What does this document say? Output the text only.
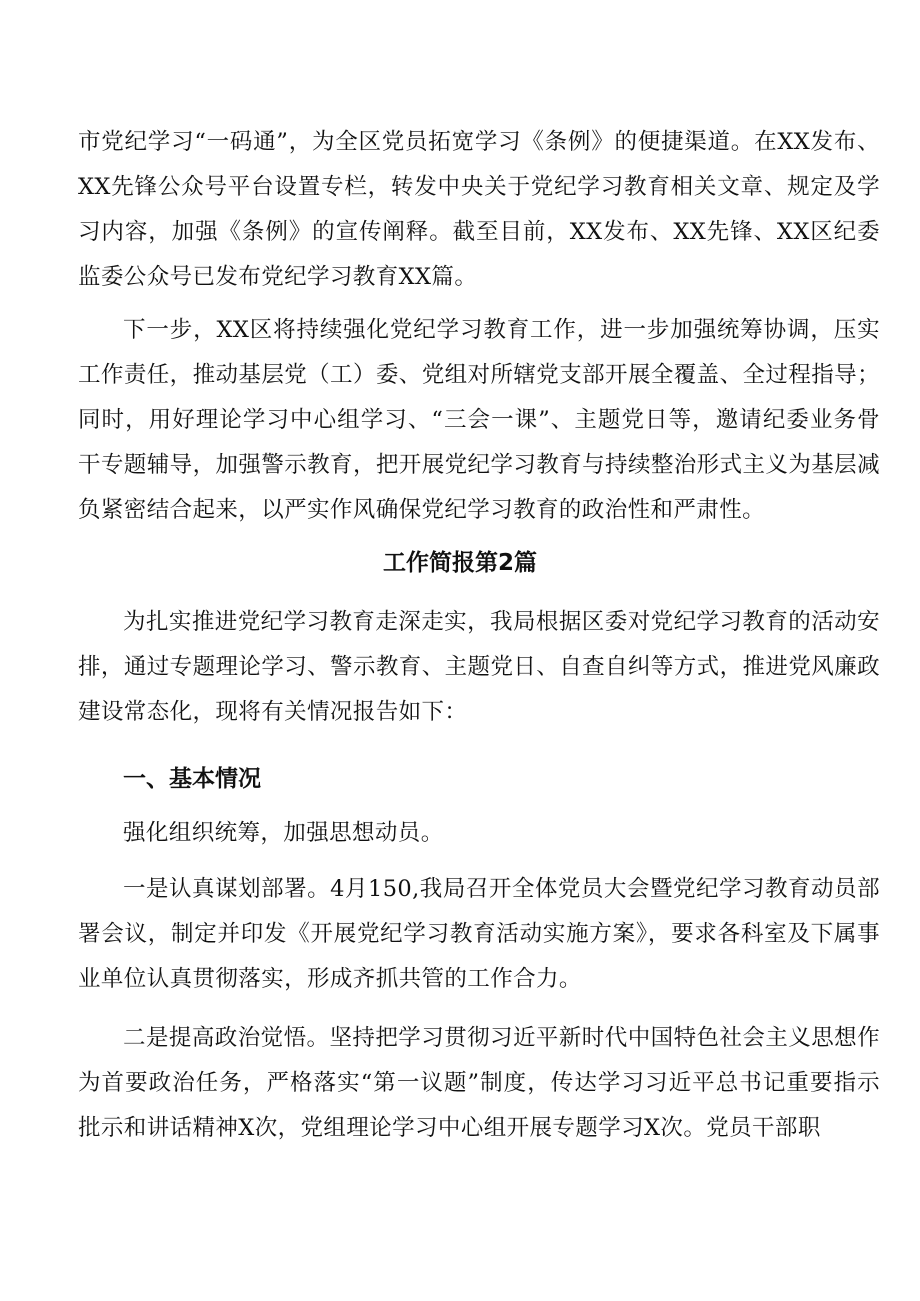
市党纪学习“一码通”，为全区党员拓宽学习《条例》的便捷渠道。在XX发布、XX先锋公众号平台设置专栏，转发中央关于党纪学习教育相关文章、规定及学习内容，加强《条例》的宣传阐释。截至目前，XX发布、XX先锋、XX区纪委监委公众号已发布党纪学习教育XX篇。

下一步，XX区将持续强化党纪学习教育工作，进一步加强统筹协调，压实工作责任，推动基层党（工）委、党组对所辖党支部开展全覆盖、全过程指导；同时，用好理论学习中心组学习、“三会一课”、主题党日等，邀请纪委业务骨干专题辅导，加强警示教育，把开展党纪学习教育与持续整治形式主义为基层减负紧密结合起来，以严实作风确保党纪学习教育的政治性和严肃性。

工作简报第2篇

为扎实推进党纪学习教育走深走实，我局根据区委对党纪学习教育的活动安排，通过专题理论学习、警示教育、主题党日、自查自纠等方式，推进党风廉政建设常态化，现将有关情况报告如下：

一、基本情况

强化组织统筹，加强思想动员。

一是认真谋划部署。4月150,我局召开全体党员大会暨党纪学习教育动员部署会议，制定并印发《开展党纪学习教育活动实施方案》，要求各科室及下属事业单位认真贯彻落实，形成齐抓共管的工作合力。

二是提高政治觉悟。坚持把学习贯彻习近平新时代中国特色社会主义思想作为首要政治任务，严格落实“第一议题”制度，传达学习习近平总书记重要指示批示和讲话精神X次，党组理论学习中心组开展专题学习X次。党员干部职
